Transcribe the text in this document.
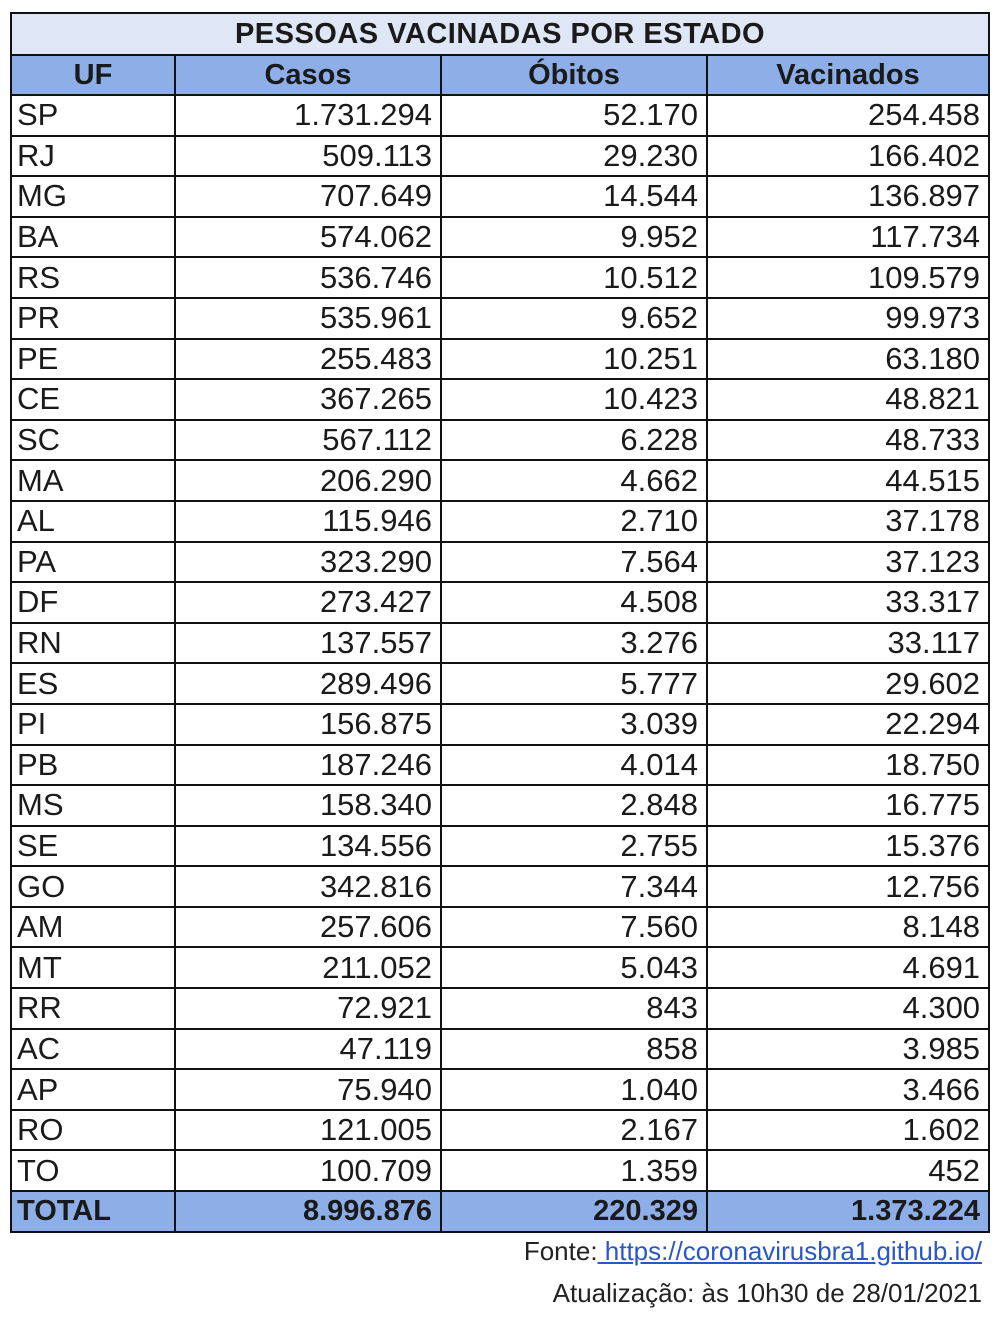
PESSOAS VACINADAS POR ESTADO			
UF	Casos	Óbitos	Vacinados
SP	1.731.294	52.170	254.458
RJ	509.113	29.230	166.402
MG	707.649	14.544	136.897
BA	574.062	9.952	117.734
RS	536.746	10.512	109.579
PR	535.961	9.652	99.973
PE	255.483	10.251	63.180
CE	367.265	10.423	48.821
SC	567.112	6.228	48.733
MA	206.290	4.662	44.515
AL	115.946	2.710	37.178
PA	323.290	7.564	37.123
DF	273.427	4.508	33.317
RN	137.557	3.276	33.117
ES	289.496	5.777	29.602
PI	156.875	3.039	22.294
PB	187.246	4.014	18.750
MS	158.340	2.848	16.775
SE	134.556	2.755	15.376
GO	342.816	7.344	12.756
AM	257.606	7.560	8.148
MT	211.052	5.043	4.691
RR	72.921	843	4.300
AC	47.119	858	3.985
AP	75.940	1.040	3.466
RO	121.005	2.167	1.602
TO	100.709	1.359	452
TOTAL	8.996.876	220.329	1.373.224
Fonte: https://coronavirusbra1.github.io/
Atualização: às 10h30 de 28/01/2021
